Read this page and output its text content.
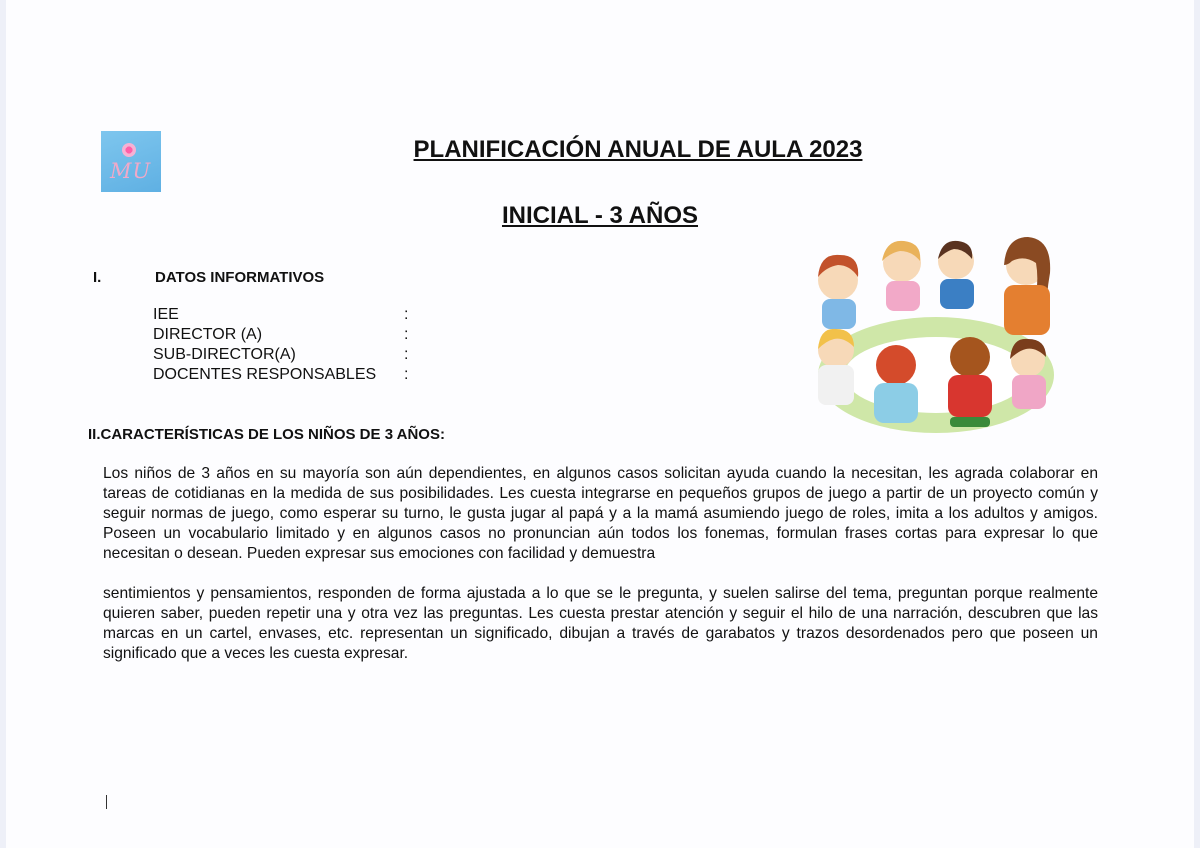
MU
PLANIFICACIÓN ANUAL DE AULA 2023
INICIAL - 3 AÑOS
I.	DATOS INFORMATIVOS
IEE	:
DIRECTOR (A)	:
SUB-DIRECTOR(A)	:
DOCENTES RESPONSABLES :
II.CARACTERÍSTICAS DE LOS NIÑOS DE 3 AÑOS:
Los niños de 3 años en su mayoría son aún dependientes, en algunos casos solicitan ayuda cuando la necesitan, les agrada colaborar en tareas de cotidianas en la medida de sus posibilidades. Les cuesta integrarse en pequeños grupos de juego a partir de un proyecto común y seguir normas de juego, como esperar su turno, le gusta jugar al papá y a la mamá asumiendo juego de roles, imita a los adultos y amigos. Poseen un vocabulario limitado y en algunos casos no pronuncian aún todos los fonemas, formulan frases cortas para expresar lo que necesitan o desean. Pueden expresar sus emociones con facilidad y demuestra
sentimientos y pensamientos, responden de forma ajustada a lo que se le pregunta, y suelen salirse del tema, preguntan porque realmente quieren saber, pueden repetir una y otra vez las preguntas. Les cuesta prestar atención y seguir el hilo de una narración, descubren que las marcas en un cartel, envases, etc. representan un significado, dibujan a través de garabatos y trazos desordenados pero que poseen un significado que a veces les cuesta expresar.
